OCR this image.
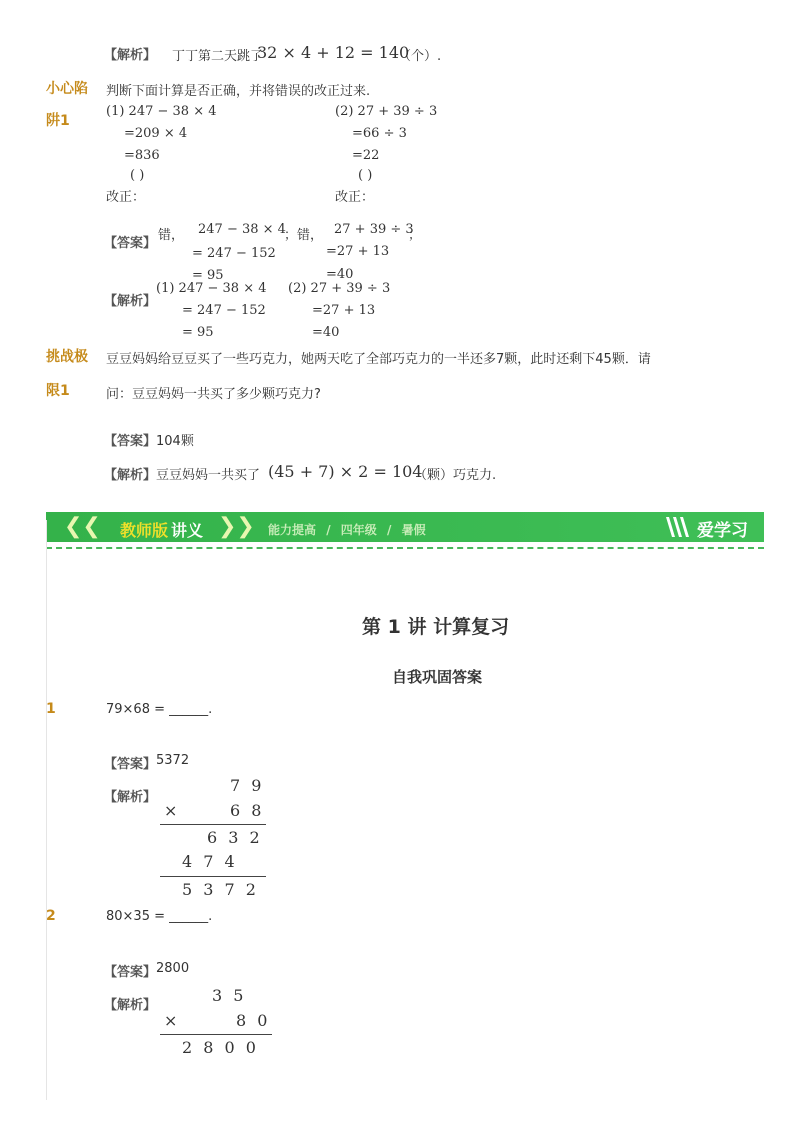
【解析】 丁丁第二天跳了
32 × 4 + 12 = 140
（个）.
小心陷
阱1
判断下面计算是否正确，并将错误的改正过来.
(1) 247 − 38 × 4
=209 × 4
=836
( )
改正：
(2) 27 + 39 ÷ 3
=66 ÷ 3
=22
( )
改正：
【答案】
错， 247 − 38 × 4
；错， 27 + 39 ÷ 3
；
= 247 − 152	=27 + 13
= 95	=40
【解析】
(1) 247 − 38 × 4
= 247 − 152
= 95
(2) 27 + 39 ÷ 3
=27 + 13
=40
挑战极
限1
豆豆妈妈给豆豆买了一些巧克力，她两天吃了全部巧克力的一半还多7颗，此时还剩下45颗．请
问：豆豆妈妈一共买了多少颗巧克力?
【答案】 104颗
【解析】 豆豆妈妈一共买了 (45 + 7) × 2 = 104
（颗）巧克力.
❮❮ 教师版 讲义 ❯❯ 能力提高 / 四年级 / 暑假	爱学习
第 1 讲 计算复习
自我巩固答案
1	79×68 = ______.
【答案】 5372
【解析】
7 9
×	6 8
6 3 2
4 7 4
5 3 7 2
2	80×35 = ______.
【答案】 2800
【解析】
3 5
×	8 0
2 8 0 0
